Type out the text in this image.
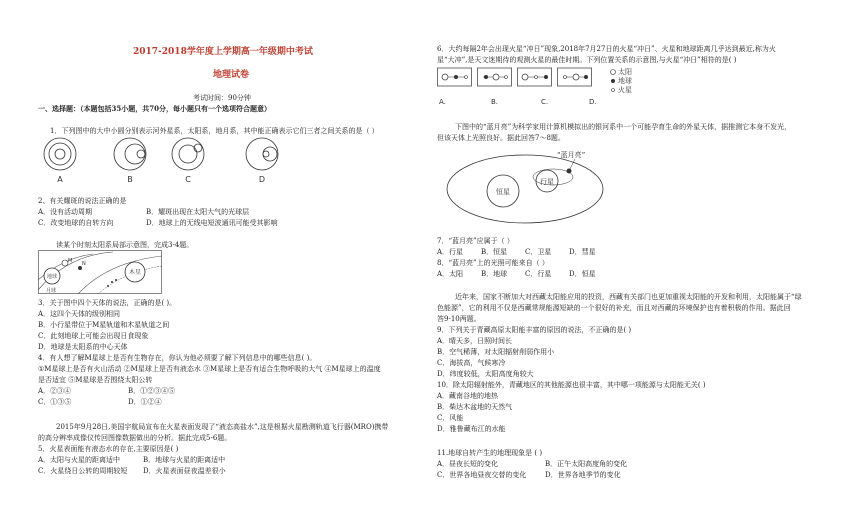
2017-2018学年度上学期高一年级期中考试
地理试卷
考试时间：90分钟
一、选择题：（本题包括35小题，共70分，每小题只有一个选项符合题意）
1．下列图中的大中小圆分别表示河外星系，太阳系，地月系，其中能正确表示它们三者之间关系的是（ ）
A	B	C	D
2、有关耀斑的说法正确的是
A．没有活动周期	B．耀斑出现在太阳大气的光球层
C．改变地球的自转方向	D．地球上的无线电短波通讯可能受其影响
读某个时刻太阳系局部示意图，完成3-4题。
地球
M N
木星
月球
3．关于图中四个天体的说法，正确的是( )。
A．这四个天体的级别相同
B．小行星带位于M星轨道和木星轨道之间
C．此刻地球上可能会出现日食现象
D．地球是太阳系的中心天体
4．有人想了解M星球上是否有生物存在，你认为他必须要了解下列信息中的哪些信息( )。
①M星球上是否有火山活动 ②M星球上是否有液态水 ③M星球上是否有适合生物呼吸的大气 ④M星球上的温度
是否适宜 ⑤M星球是否围绕太阳公转
A．②③④	B．①②③④⑤
C．①③⑤	D．①②④
2015年9月28日,美国宇航局宣布在火星表面发现了“液态高盐水”,这是根据火星勘测轨道飞行器(MRO)携带
的高分辨率成像仪传回图像数据做出的分析。据此完成5-6题。
5．火星表面能有液态水的存在,主要原因是( )
A．太阳与火星的距离适中	B．地球与火星的距离适中
C．火星绕日公转的周期较短 D．火星表面昼夜温差很小
6．大约每隔2年会出现火星“冲日”现象,2018年7月27日的火星“冲日”、火星和地球距离几乎达到最近,称为火
星“大冲”,是天文迷期待的观测火星的最佳时期。下列位置关系的示意图,与火星“冲日”相符的是( )
A.	B.	C.	D.
太阳
地球
火星
下图中的“蓝月亮”为科学家用计算机模拟出的银河系中一个可能孕育生命的外星天体，据推测它本身不发光，
但该天体上光照良好。据此回答7～8题。
恒星
行星
“蓝月亮”
7．“蓝月亮”应属于（ ）
A．行星	B．恒星	C．卫星	D．彗星
8．“蓝月亮”上的光照可能来自（ ）
A．太阳	B．地球	C．行星	D．恒星
近年来，国家不断加大对西藏太阳能应用的投资，西藏有关部门也更加重视太阳能的开发和利用，太阳能属于“绿
色能源”，它的利用不仅是西藏常规能源短缺的一个很好的补充，而且对西藏的环境保护也有着积极的作用。据此回
答9-10两题。
9．下列关于青藏高原太阳能丰富的原因的说法，不正确的是( )
A．晴天多，日照时间长
B．空气稀薄，对太阳辐射削弱作用小
C．海拔高，气候寒冷
D．纬度较低，太阳高度角较大
10．除太阳辐射能外，青藏地区的其他能源也很丰富，其中哪一项能源与太阳能无关( )
A．藏南谷地的地热
B．柴达木盆地的天然气
C．风能
D．雅鲁藏布江的水能
11.地球自转产生的地理现象是 ( )
A．昼夜长短的变化	B．正午太阳高度角的变化
C．世界各地昼夜交替的变化	D．世界各地季节的变化
